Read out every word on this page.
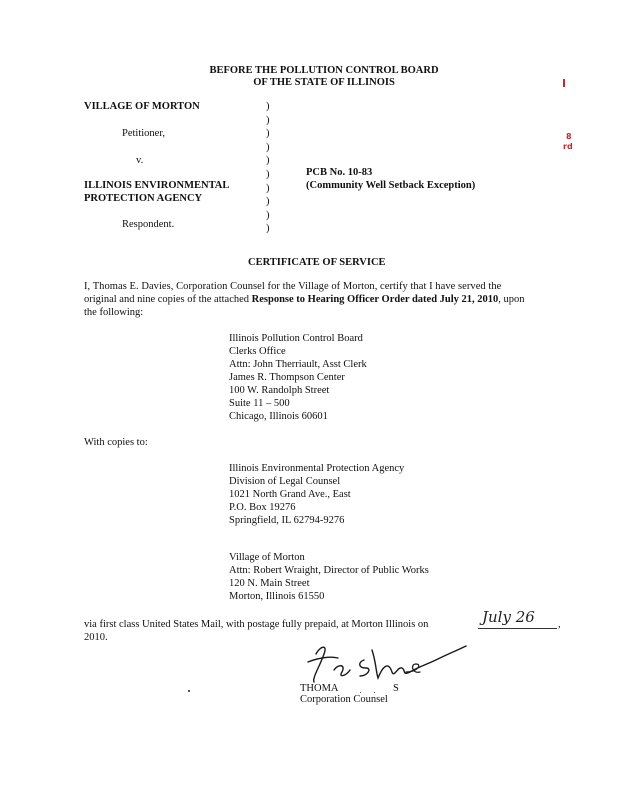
BEFORE THE POLLUTION CONTROL BOARD
OF THE STATE OF ILLINOIS
8
rd
VILLAGE OF MORTON
Petitioner,
v.
ILLINOIS ENVIRONMENTAL
PROTECTION AGENCY
Respondent.
)
)
)
)
)
)
)
)
)
)
PCB No. 10-83
(Community Well Setback Exception)
CERTIFICATE OF SERVICE
I, Thomas E. Davies, Corporation Counsel for the Village of Morton, certify that I have served the
original and nine copies of the attached Response to Hearing Officer Order dated July 21, 2010, upon
the following:
Illinois Pollution Control Board
Clerks Office
Attn: John Therriault, Asst Clerk
James R. Thompson Center
100 W. Randolph Street
Suite 11 – 500
Chicago, Illinois 60601
With copies to:
Illinois Environmental Protection Agency
Division of Legal Counsel
1021 North Grand Ave., East
P.O. Box 19276
Springfield, IL 62794-9276
Village of Morton
Attn: Robert Wraight, Director of Public Works
120 N. Main Street
Morton, Illinois 61550
via first class United States Mail, with postage fully prepaid, at Morton Illinois on	July 26 ,
2010.
THOMA	S
Corporation Counsel
